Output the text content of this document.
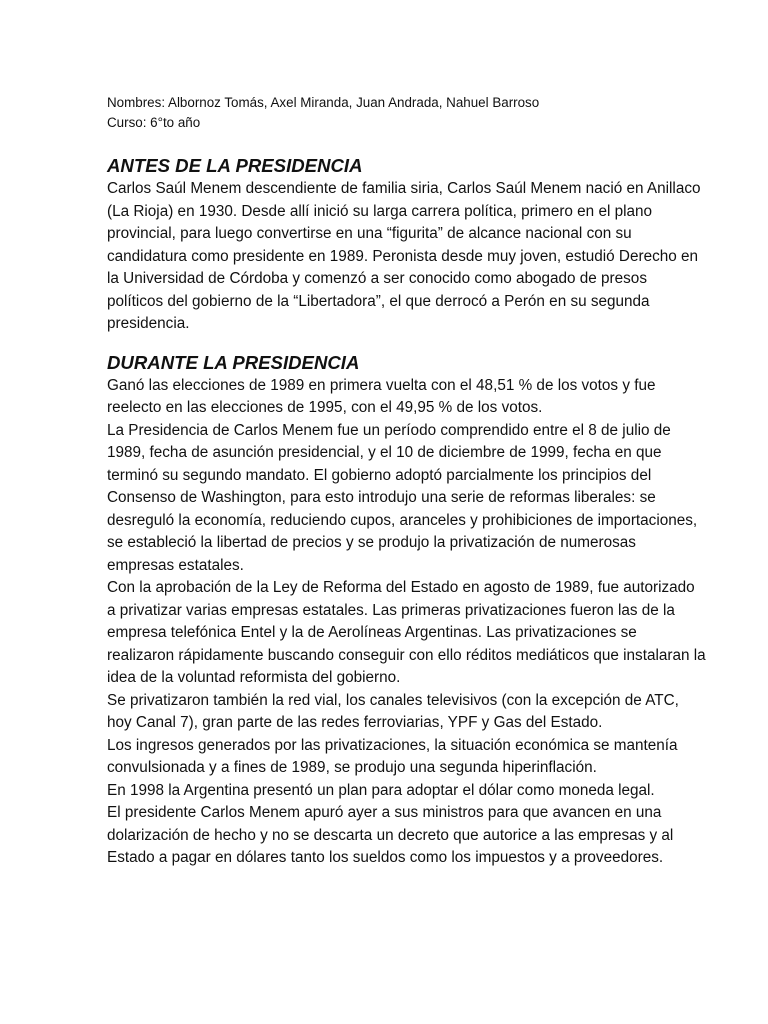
Nombres: Albornoz Tomás, Axel Miranda, Juan Andrada, Nahuel Barroso

Curso: 6°to año

ANTES DE LA PRESIDENCIA

Carlos Saúl Menem descendiente de familia siria, Carlos Saúl Menem nació en Anillaco (La Rioja) en 1930. Desde allí inició su larga carrera política, primero en el plano provincial, para luego convertirse en una “figurita” de alcance nacional con su candidatura como presidente en 1989. Peronista desde muy joven, estudió Derecho en la Universidad de Córdoba y comenzó a ser conocido como abogado de presos políticos del gobierno de la “Libertadora”, el que derrocó a Perón en su segunda presidencia.

DURANTE LA PRESIDENCIA

Ganó las elecciones de 1989 en primera vuelta con el 48,51 % de los votos y fue reelecto en las elecciones de 1995, con el 49,95 % de los votos.

La Presidencia de Carlos Menem fue un período comprendido entre el 8 de julio de 1989, fecha de asunción presidencial, y el 10 de diciembre de 1999, fecha en que terminó su segundo mandato. El gobierno adoptó parcialmente los principios del Consenso de Washington, para esto introdujo una serie de reformas liberales: se desreguló la economía, reduciendo cupos, aranceles y prohibiciones de importaciones, se estableció la libertad de precios y se produjo la privatización de numerosas empresas estatales.

Con la aprobación de la Ley de Reforma del Estado en agosto de 1989, fue autorizado a privatizar varias empresas estatales. Las primeras privatizaciones fueron las de la empresa telefónica Entel y la de Aerolíneas Argentinas. Las privatizaciones se realizaron rápidamente buscando conseguir con ello réditos mediáticos que instalaran la idea de la voluntad reformista del gobierno.

Se privatizaron también la red vial, los canales televisivos (con la excepción de ATC, hoy Canal 7), gran parte de las redes ferroviarias, YPF y Gas del Estado.

Los ingresos generados por las privatizaciones, la situación económica se mantenía convulsionada y a fines de 1989, se produjo una segunda hiperinflación.

En 1998 la Argentina presentó un plan para adoptar el dólar como moneda legal.

El presidente Carlos Menem apuró ayer a sus ministros para que avancen en una dolarización de hecho y no se descarta un decreto que autorice a las empresas y al Estado a pagar en dólares tanto los sueldos como los impuestos y a proveedores.
